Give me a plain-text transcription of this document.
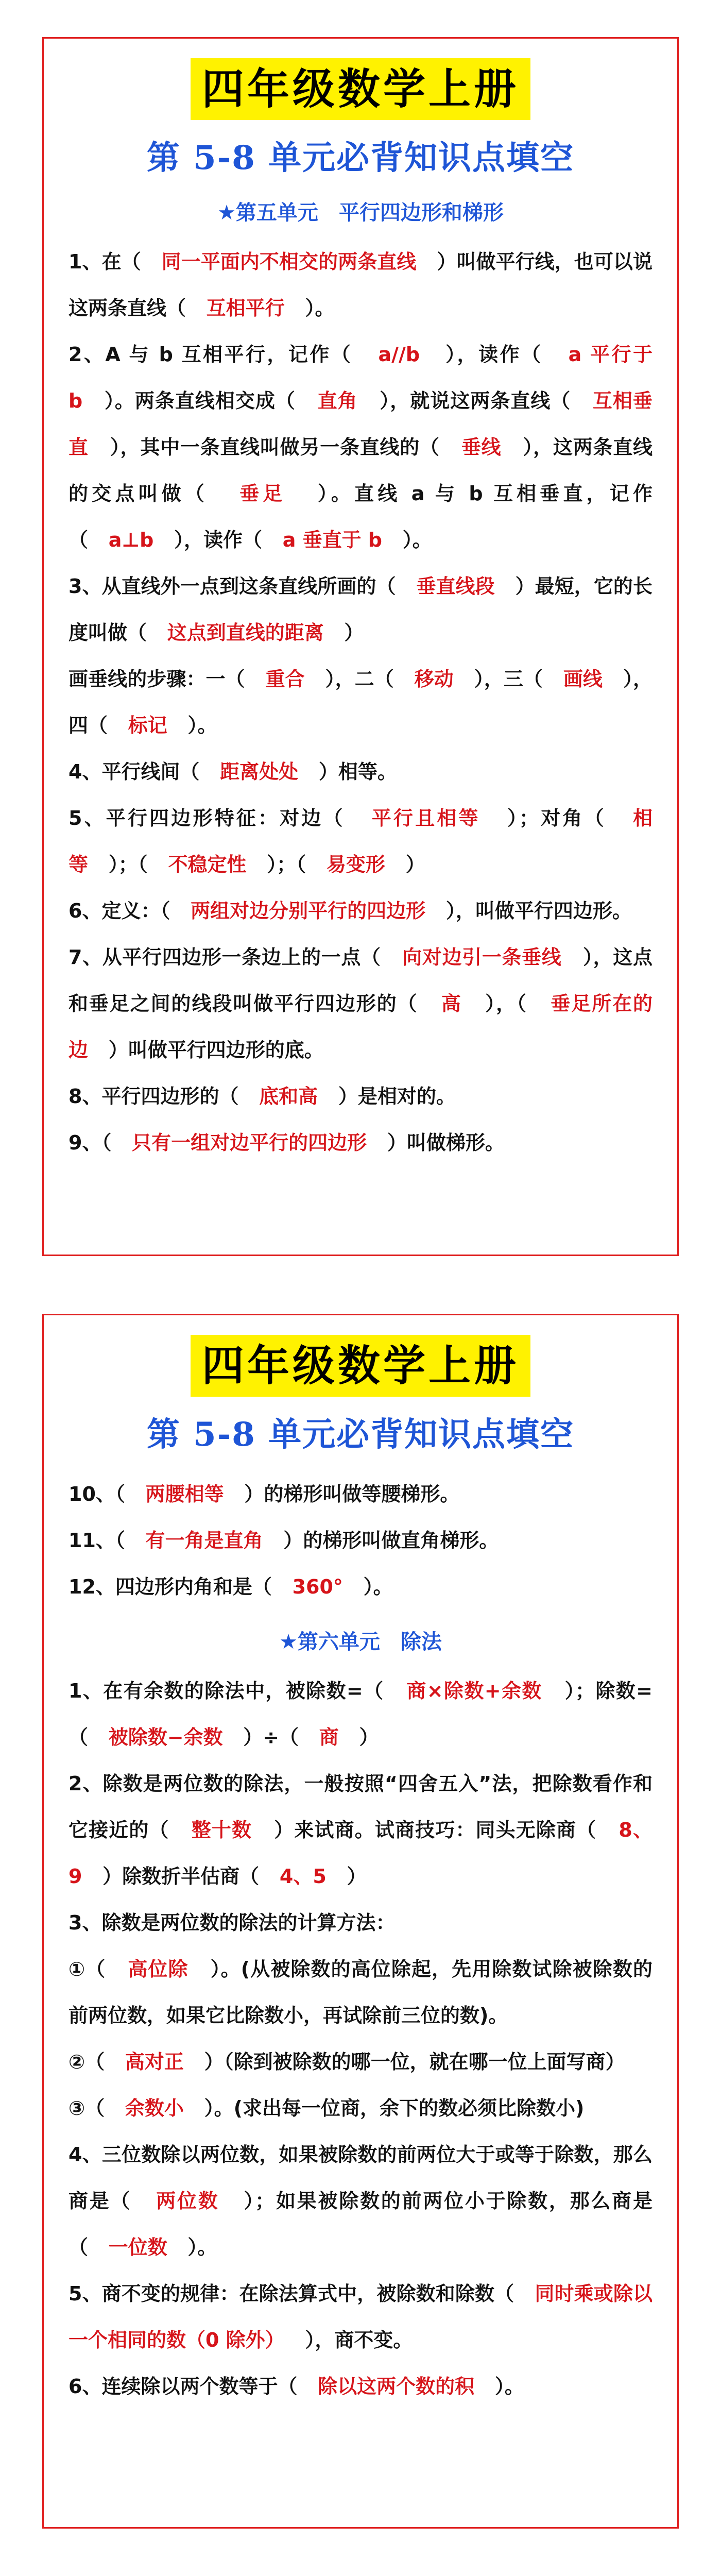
四年级数学上册
第 5-8 单元必背知识点填空
★第五单元 平行四边形和梯形

1、在 （   同一平面内不相交的两条直线   ） 叫做平行线，也可以说这两条直线 （   互相平行   ） 。

2、A 与 b 互相平行，记作 （   a//b   ） ，读作 （   a 平行于 b   ） 。两条直线相交成 （   直角   ） ，就说这两条直线 （   互相垂直   ） ，其中一条直线叫做另一条直线的 （   垂线   ） ，这两条直线的交点叫做	（   垂足   ） 。直线 a 与 b 互相垂直，记作（   a⊥b   ） ，读作 （   a 垂直于 b   ） 。

3、从直线外一点到这条直线所画的 （   垂直线段   ） 最短，它的长度叫做 （   这点到直线的距离   ）
画垂线的步骤：一 （   重合   ） ，二 （   移动   ） ，三 （   画线   ） ，四 （   标记   ） 。

4、平行线间 （   距离处处   ） 相等。

5、平行四边形特征：对边 （   平行且相等   ） ；对角 （   相等   ） ； （   不稳定性   ） ； （   易变形   ）

6、定义： （   两组对边分别平行的四边形   ） ，叫做平行四边形。

7、从平行四边形一条边上的一点 （   向对边引一条垂线   ） ，这点和垂足之间的线段叫做平行四边形的 （   高   ） ， （   垂足所在的边   ） 叫做平行四边形的底。

8、平行四边形的 （   底和高   ） 是相对的。

9、 （   只有一组对边平行的四边形   ） 叫做梯形。

四年级数学上册
第 5-8 单元必背知识点填空

10、 （   两腰相等   ） 的梯形叫做等腰梯形。

11、 （   有一角是直角   ） 的梯形叫做直角梯形。

12、四边形内角和是 （   360°   ） 。

★第六单元 除法

1、在有余数的除法中，被除数= （   商×除数+余数   ） ；除数=（   被除数−余数   ） ÷ （   商   ）

2、除数是两位数的除法，一般按照“四舍五入”法，把除数看作和它接近的 （   整十数   ） 来试商。试商技巧：同头无除商 （   8、9   ） 除数折半估商 （   4、5   ）

3、除数是两位数的除法的计算方法：
① （   高位除   ） 。(从被除数的高位除起，先用除数试除被除数的前两位数，如果它比除数小，再试除前三位的数)。
② （   高对正   ） （除到被除数的哪一位，就在哪一位上面写商）
③ （   余数小   ） 。(求出每一位商，余下的数必须比除数小)

4、三位数除以两位数，如果被除数的前两位大于或等于除数，那么商是 （   两位数   ） ；如果被除数的前两位小于除数，那么商是（   一位数   ） 。

5、商不变的规律：在除法算式中，被除数和除数 （   同时乘或除以一个相同的数（0 除外）   ） ，商不变。

6、连续除以两个数等于 （   除以这两个数的积   ） 。
